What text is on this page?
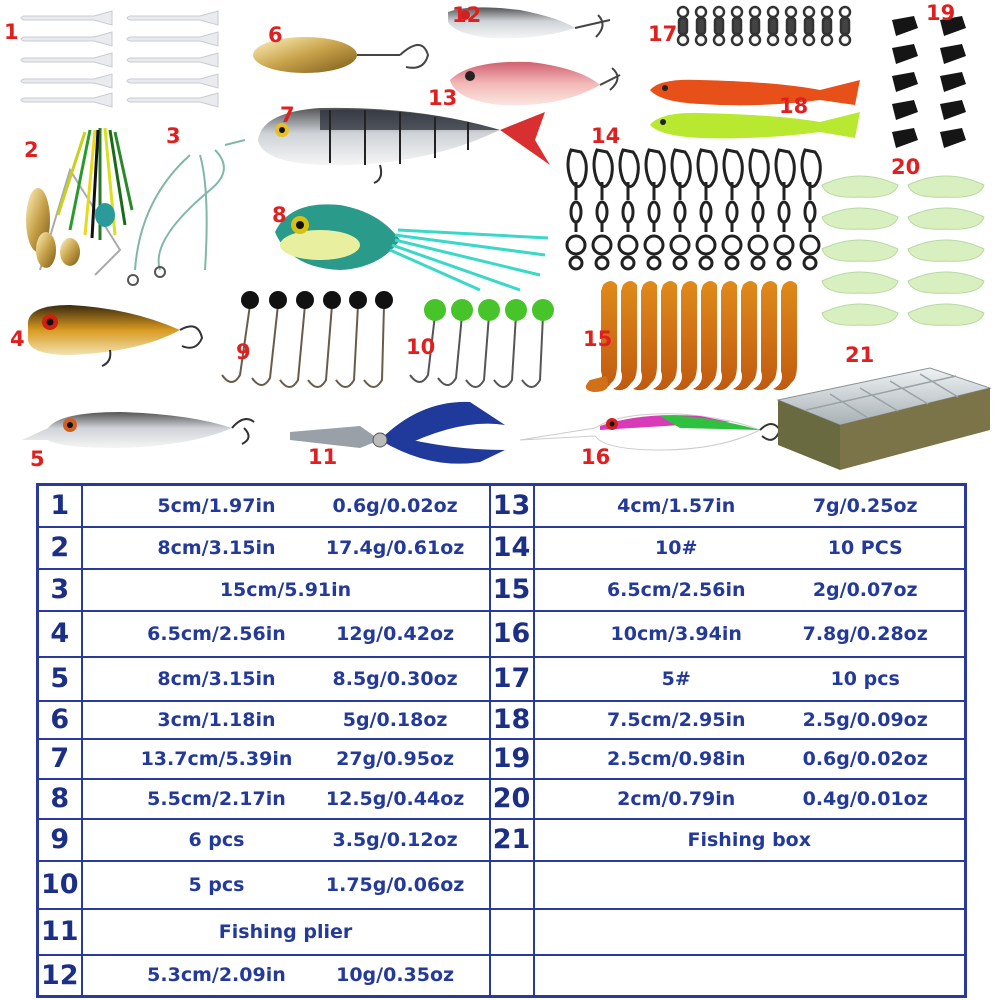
1
2
3
4
5
6
7
8
9	10
11
12
13
14
15
16
17
18
19
20
21
1	5cm/1.97in 0.6g/0.02oz	13	4cm/1.57in 7g/0.25oz

2	8cm/3.15in 17.4g/0.61oz	14	10# 10 PCS

3	15cm/5.91in	15	6.5cm/2.56in 2g/0.07oz

4	6.5cm/2.56in 12g/0.42oz	16	10cm/3.94in 7.8g/0.28oz

5	8cm/3.15in 8.5g/0.30oz	17	5# 10 pcs

6	3cm/1.18in 5g/0.18oz	18	7.5cm/2.95in 2.5g/0.09oz

7	13.7cm/5.39in 27g/0.95oz	19	2.5cm/0.98in 0.6g/0.02oz

8	5.5cm/2.17in 12.5g/0.44oz	20	2cm/0.79in 0.4g/0.01oz

9	6 pcs 3.5g/0.12oz	21	Fishing box

10	5 pcs 1.75g/0.06oz		

11	Fishing plier		

12	5.3cm/2.09in 10g/0.35oz		
